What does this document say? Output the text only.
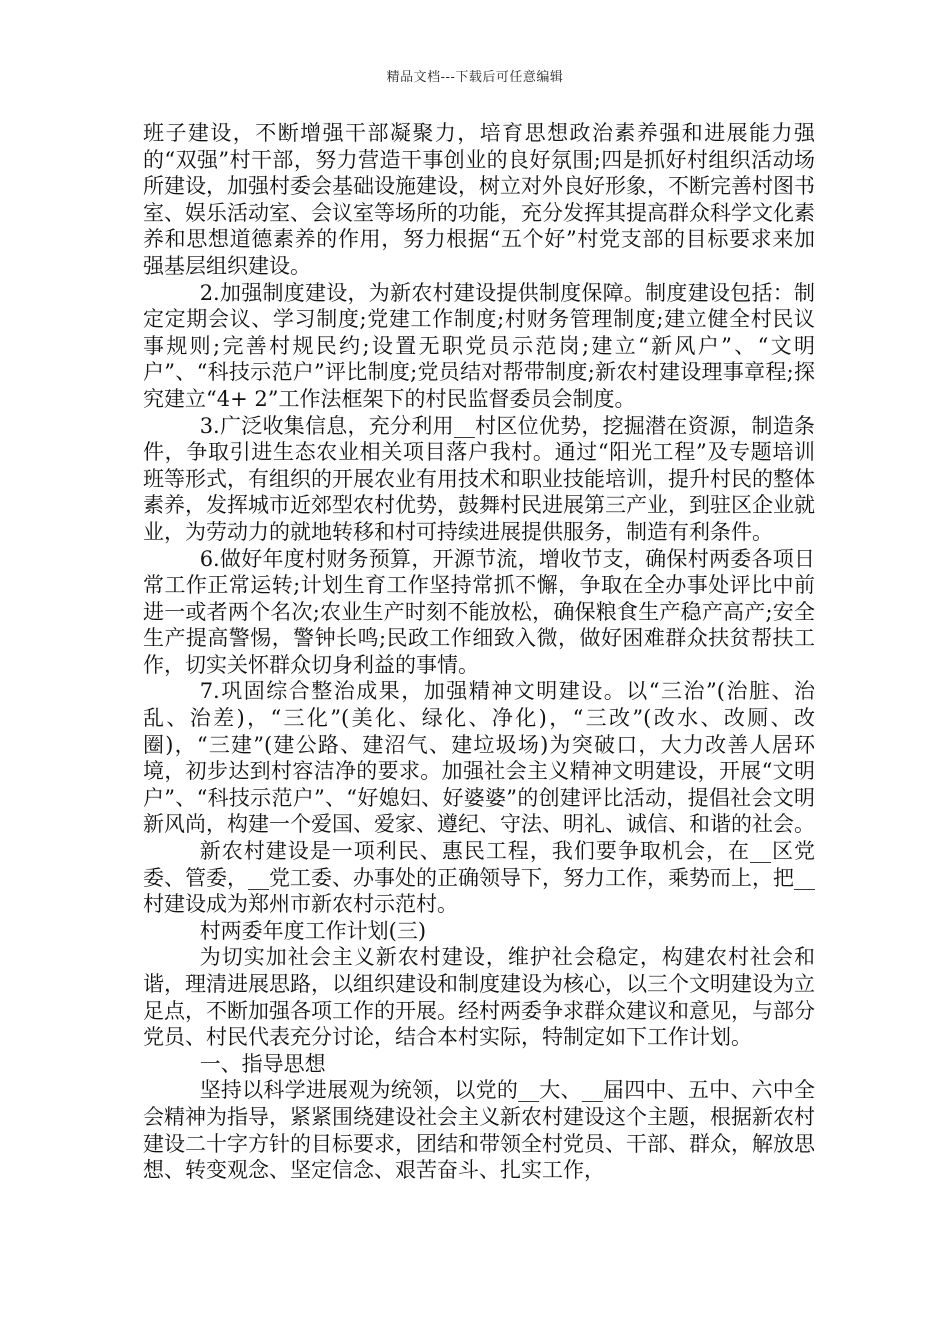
精品文档---下载后可任意编辑

班子建设，不断增强干部凝聚力，培育思想政治素养强和进展能力强的“双强”村干部，努力营造干事创业的良好氛围;四是抓好村组织活动场所建设，加强村委会基础设施建设，树立对外良好形象，不断完善村图书室、娱乐活动室、会议室等场所的功能，充分发挥其提高群众科学文化素养和思想道德素养的作用，努力根据“五个好”村党支部的目标要求来加强基层组织建设。

2.加强制度建设，为新农村建设提供制度保障。制度建设包括：制定定期会议、学习制度;党建工作制度;村财务管理制度;建立健全村民议事规则;完善村规民约;设置无职党员示范岗;建立“新风户”、“文明户”、“科技示范户”评比制度;党员结对帮带制度;新农村建设理事章程;探究建立“4+ 2”工作法框架下的村民监督委员会制度。

3.广泛收集信息，充分利用__村区位优势，挖掘潜在资源，制造条件，争取引进生态农业相关项目落户我村。通过“阳光工程”及专题培训班等形式，有组织的开展农业有用技术和职业技能培训，提升村民的整体素养，发挥城市近郊型农村优势，鼓舞村民进展第三产业，到驻区企业就业，为劳动力的就地转移和村可持续进展提供服务，制造有利条件。

6.做好年度村财务预算，开源节流，增收节支，确保村两委各项日常工作正常运转;计划生育工作坚持常抓不懈，争取在全办事处评比中前进一或者两个名次;农业生产时刻不能放松，确保粮食生产稳产高产;安全生产提高警惕，警钟长鸣;民政工作细致入微，做好困难群众扶贫帮扶工作，切实关怀群众切身利益的事情。

7.巩固综合整治成果，加强精神文明建设。以“三治”(治脏、治乱、治差)，“三化”(美化、绿化、净化)，“三改”(改水、改厕、改圈)，“三建”(建公路、建沼气、建垃圾场)为突破口，大力改善人居环境，初步达到村容洁净的要求。加强社会主义精神文明建设，开展“文明户”、“科技示范户”、“好媳妇、好婆婆”的创建评比活动，提倡社会文明新风尚，构建一个爱国、爱家、遵纪、守法、明礼、诚信、和谐的社会。

新农村建设是一项利民、惠民工程，我们要争取机会，在__区党委、管委，__党工委、办事处的正确领导下，努力工作，乘势而上，把__村建设成为郑州市新农村示范村。

村两委年度工作计划(三)

为切实加社会主义新农村建设，维护社会稳定，构建农村社会和谐，理清进展思路，以组织建设和制度建设为核心，以三个文明建设为立足点，不断加强各项工作的开展。经村两委争求群众建议和意见，与部分党员、村民代表充分讨论，结合本村实际，特制定如下工作计划。

一、指导思想

坚持以科学进展观为统领，以党的__大、__届四中、五中、六中全会精神为指导，紧紧围绕建设社会主义新农村建设这个主题，根据新农村建设二十字方针的目标要求，团结和带领全村党员、干部、群众，解放思想、转变观念、坚定信念、艰苦奋斗、扎实工作，
